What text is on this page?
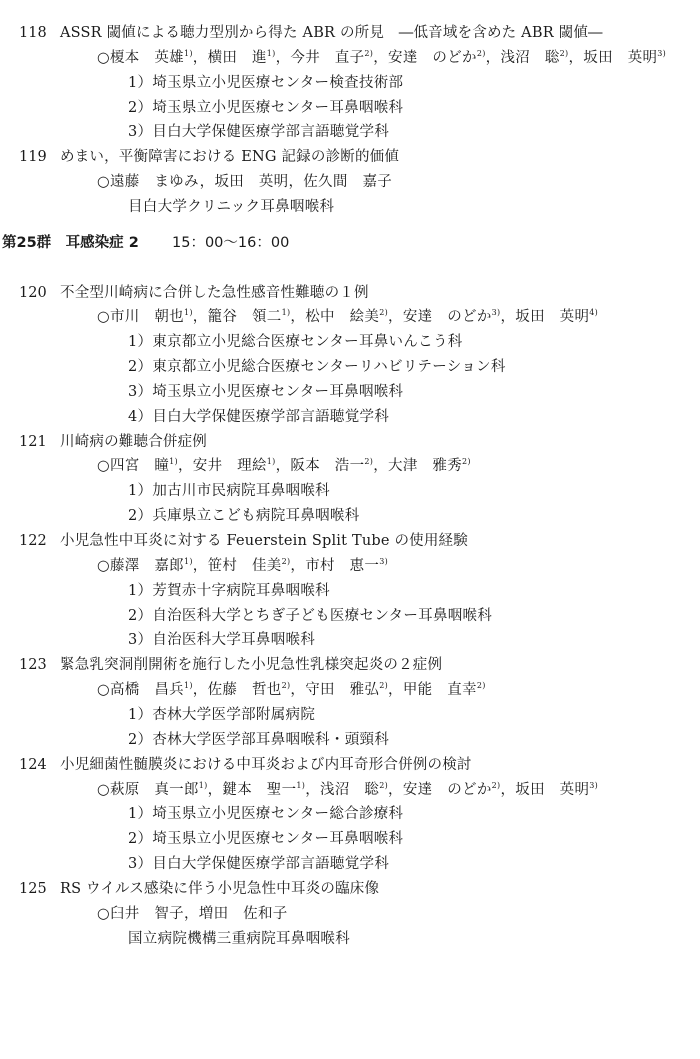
118 ASSR 閾値による聴力型別から得た ABR の所見　―低音域を含めた ABR 閾値―
○榎本　英雄$^{1)}$，横田　進$^{1)}$，今井　直子$^{2)}$，安達　のどか$^{2)}$，浅沼　聡$^{2)}$，坂田　英明$^{3)}$
1）埼玉県立小児医療センター検査技術部
2）埼玉県立小児医療センター耳鼻咽喉科
3）目白大学保健医療学部言語聴覚学科
119 めまい，平衡障害における ENG 記録の診断的価値
○遠藤　まゆみ，坂田　英明，佐久間　嘉子
目白大学クリニック耳鼻咽喉科
第25群　耳感染症 2 15：00～16：00
120 不全型川崎病に合併した急性感音性難聴の１例
○市川　朝也$^{1)}$，籠谷　領二$^{1)}$，松中　絵美$^{2)}$，安達　のどか$^{3)}$，坂田　英明$^{4)}$
1）東京都立小児総合医療センター耳鼻いんこう科
2）東京都立小児総合医療センターリハビリテーション科
3）埼玉県立小児医療センター耳鼻咽喉科
4）目白大学保健医療学部言語聴覚学科
121 川崎病の難聴合併症例
○四宮　瞳$^{1)}$，安井　理絵$^{1)}$，阪本　浩一$^{2)}$，大津　雅秀$^{2)}$
1）加古川市民病院耳鼻咽喉科
2）兵庫県立こども病院耳鼻咽喉科
122 小児急性中耳炎に対する Feuerstein Split Tube の使用経験
○藤澤　嘉郎$^{1)}$，笹村　佳美$^{2)}$，市村　恵一$^{3)}$
1）芳賀赤十字病院耳鼻咽喉科
2）自治医科大学とちぎ子ども医療センター耳鼻咽喉科
3）自治医科大学耳鼻咽喉科
123 緊急乳突洞削開術を施行した小児急性乳様突起炎の２症例
○高橋　昌兵$^{1)}$，佐藤　哲也$^{2)}$，守田　雅弘$^{2)}$，甲能　直幸$^{2)}$
1）杏林大学医学部附属病院
2）杏林大学医学部耳鼻咽喉科・頭頸科
124 小児細菌性髄膜炎における中耳炎および内耳奇形合併例の検討
○萩原　真一郎$^{1)}$，鍵本　聖一$^{1)}$，浅沼　聡$^{2)}$，安達　のどか$^{2)}$，坂田　英明$^{3)}$
1）埼玉県立小児医療センター総合診療科
2）埼玉県立小児医療センター耳鼻咽喉科
3）目白大学保健医療学部言語聴覚学科
125 RS ウイルス感染に伴う小児急性中耳炎の臨床像
○臼井　智子，増田　佐和子
国立病院機構三重病院耳鼻咽喉科
